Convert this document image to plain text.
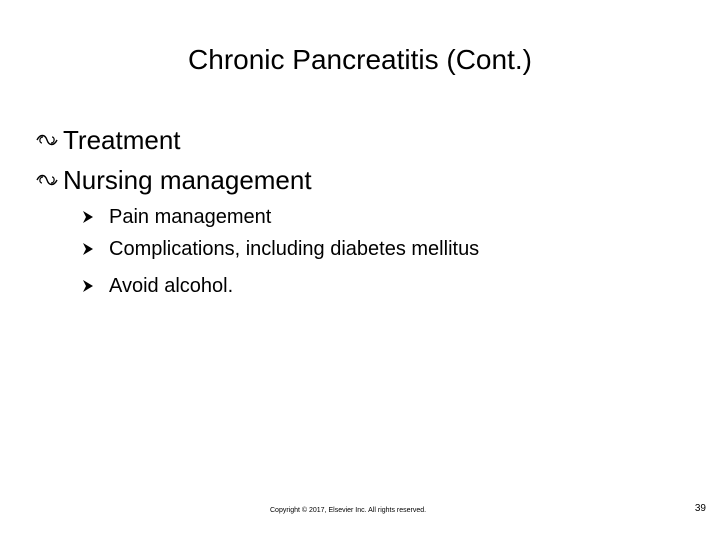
Chronic Pancreatitis (Cont.)
Treatment
Nursing management
Pain management
Complications, including diabetes mellitus
Avoid alcohol.
Copyright © 2017, Elsevier Inc. All rights reserved.	39
